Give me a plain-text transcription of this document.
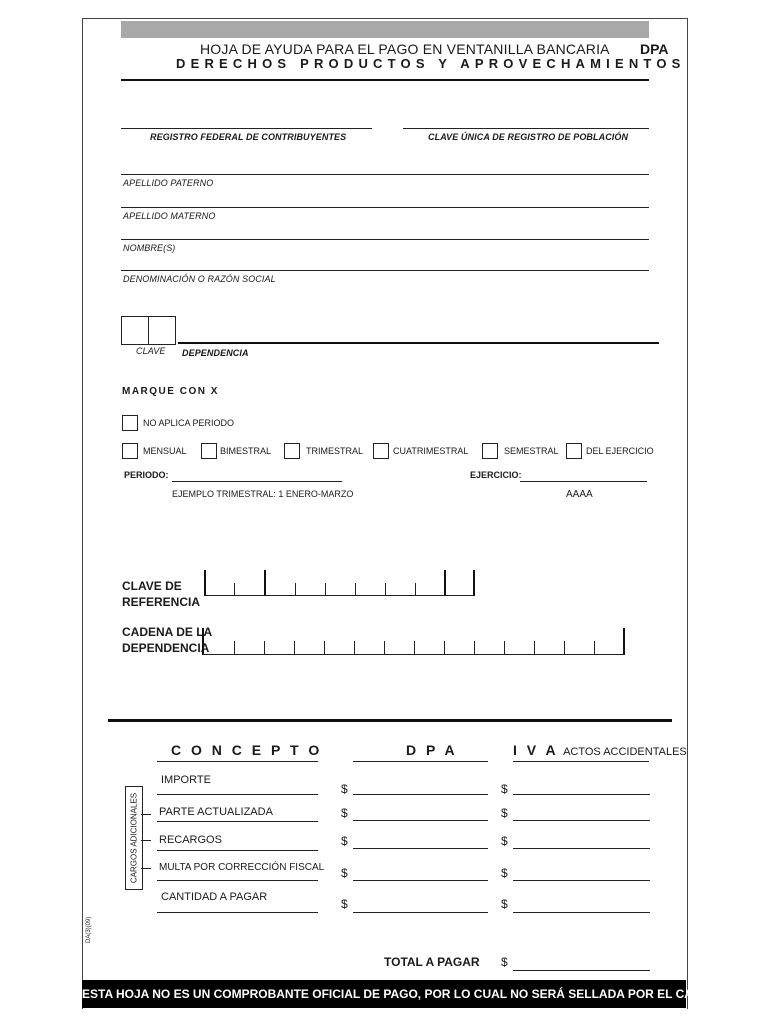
HOJA DE AYUDA PARA EL PAGO EN VENTANILLA BANCARIA
DERECHOS PRODUCTOS Y APROVECHAMIENTOS
DPA
REGISTRO FEDERAL DE CONTRIBUYENTES	CLAVE ÚNICA DE REGISTRO DE POBLACIÓN
APELLIDO PATERNO
APELLIDO MATERNO
NOMBRE(S)
DENOMINACIÓN O RAZÓN SOCIAL
CLAVE DEPENDENCIA
MARQUE CON X
NO APLICA PERIODO
MENSUAL	BIMESTRAL	TRIMESTRAL	CUATRIMESTRAL	SEMESTRAL	DEL EJERCICIO
PERIODO:	EJERCICIO:
EJEMPLO TRIMESTRAL: 1 ENERO-MARZO	AAAA
CLAVE DE
REFERENCIA
CADENA DE LA
DEPENDENCIA
C O N C E P T O	D P A	I V A ACTOS ACCIDENTALES
CARGOS ADICIONALES
IMPORTE
$	$
PARTE ACTUALIZADA	$	$
RECARGOS	$	$
MULTA POR CORRECCIÓN FISCAL $	$
CANTIDAD A PAGAR	$	$
DA(3)(09)
TOTAL A PAGAR $
ESTA HOJA NO ES UN COMPROBANTE OFICIAL DE PAGO, POR LO CUAL NO SERÁ SELLADA POR EL CAJERO
